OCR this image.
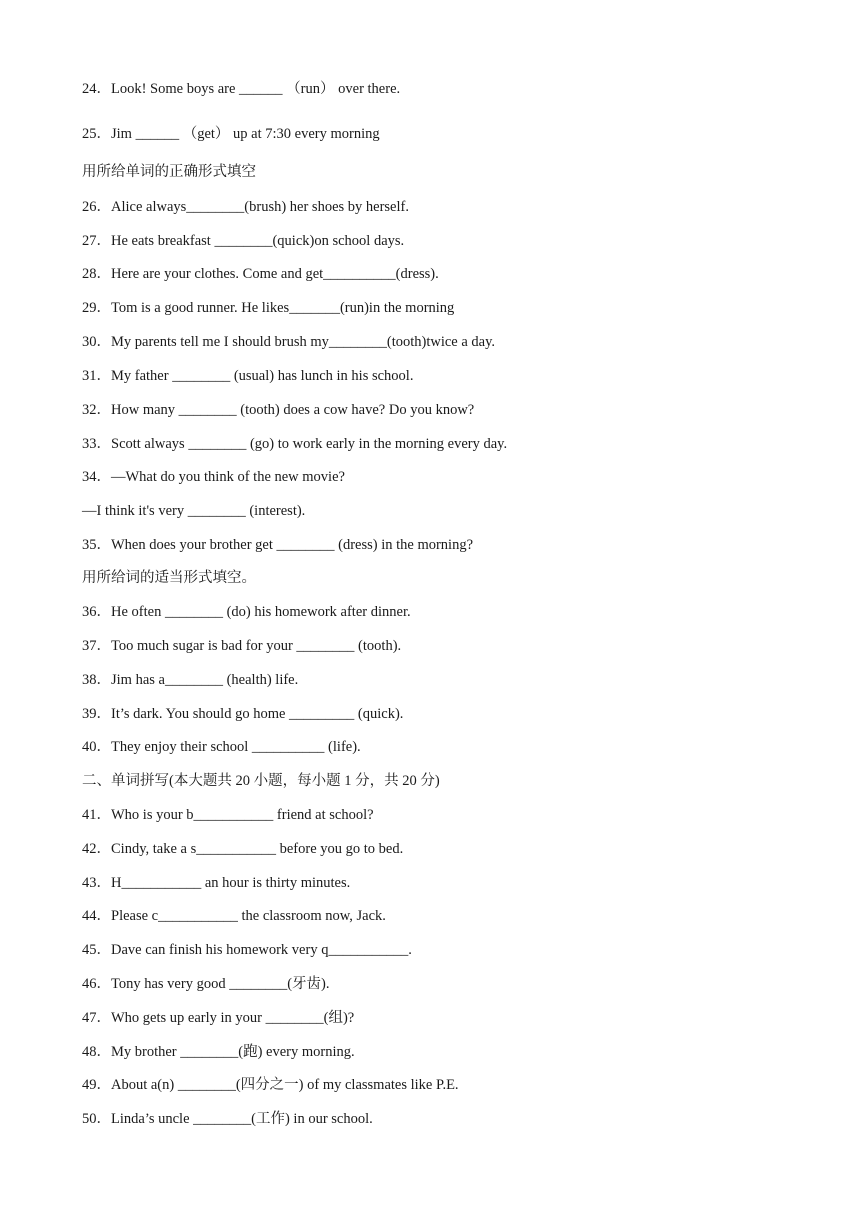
24．Look! Some boys are ______ （run） over there.
25．Jim ______ （get） up at 7:30 every morning
用所给单词的正确形式填空
26．Alice always________(brush) her shoes by herself.
27．He eats breakfast ________(quick)on school days.
28．Here are your clothes. Come and get__________(dress).
29．Tom is a good runner. He likes_______(run)in the morning
30．My parents tell me I should brush my________(tooth)twice a day.
31．My father ________ (usual) has lunch in his school.
32．How many ________ (tooth) does a cow have? Do you know?
33．Scott always ________ (go) to work early in the morning every day.
34．—What do you think of the new movie?
—I think it's very ________ (interest).
35．When does your brother get ________ (dress) in the morning?
用所给词的适当形式填空。
36．He often ________ (do) his homework after dinner.
37．Too much sugar is bad for your ________ (tooth).
38．Jim has a________ (health) life.
39．It’s dark. You should go home _________ (quick).
40．They enjoy their school __________ (life).
二、单词拼写(本大题共 20 小题，每小题 1 分，共 20 分)
41．Who is your b___________ friend at school?
42．Cindy, take a s___________ before you go to bed.
43．H___________ an hour is thirty minutes.
44．Please c___________ the classroom now, Jack.
45．Dave can finish his homework very q___________.
46．Tony has very good ________(牙齿).
47．Who gets up early in your ________(组)?
48．My brother ________(跑) every morning.
49．About a(n) ________(四分之一) of my classmates like P.E.
50．Linda’s uncle ________(工作) in our school.
